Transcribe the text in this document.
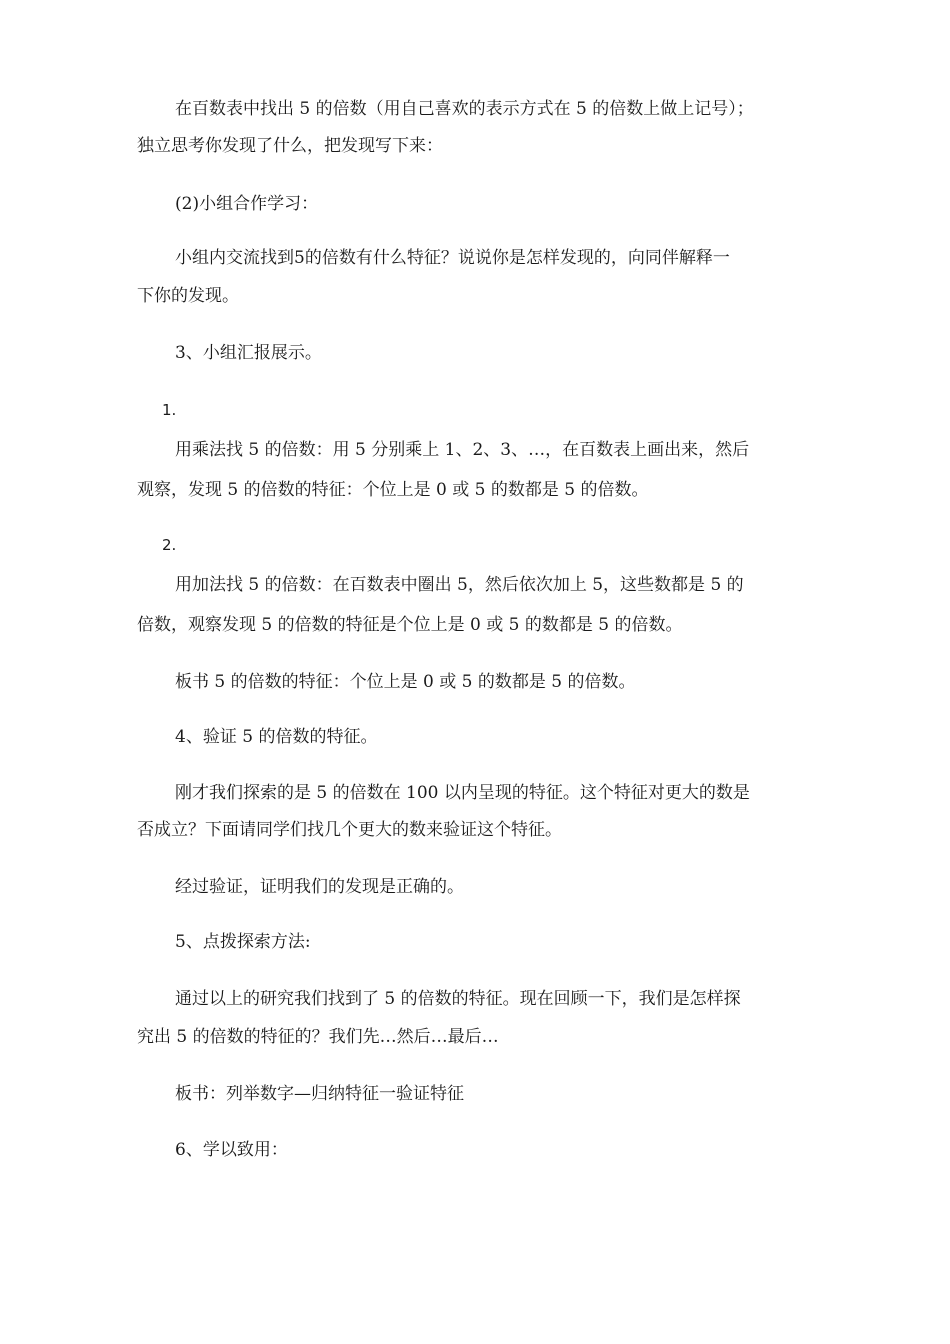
在百数表中找出 5 的倍数（用自己喜欢的表示方式在 5 的倍数上做上记号）；
独立思考你发现了什么，把发现写下来：
(2)小组合作学习：
小组内交流找到5的倍数有什么特征？说说你是怎样发现的，向同伴解释一
下你的发现。
3、小组汇报展示。
1.
用乘法找 5 的倍数：用 5 分别乘上 1、2、3、…，在百数表上画出来，然后
观察，发现 5 的倍数的特征：个位上是 0 或 5 的数都是 5 的倍数。
2.
用加法找 5 的倍数：在百数表中圈出 5，然后依次加上 5，这些数都是 5 的
倍数，观察发现 5 的倍数的特征是个位上是 0 或 5 的数都是 5 的倍数。
板书 5 的倍数的特征：个位上是 0 或 5 的数都是 5 的倍数。
4、验证 5 的倍数的特征。
刚才我们探索的是 5 的倍数在 100 以内呈现的特征。这个特征对更大的数是
否成立？下面请同学们找几个更大的数来验证这个特征。
经过验证，证明我们的发现是正确的。
5、点拨探索方法:
通过以上的研究我们找到了 5 的倍数的特征。现在回顾一下，我们是怎样探
究出 5 的倍数的特征的？我们先…然后…最后…
板书：列举数字—归纳特征一验证特征
6、学以致用：
